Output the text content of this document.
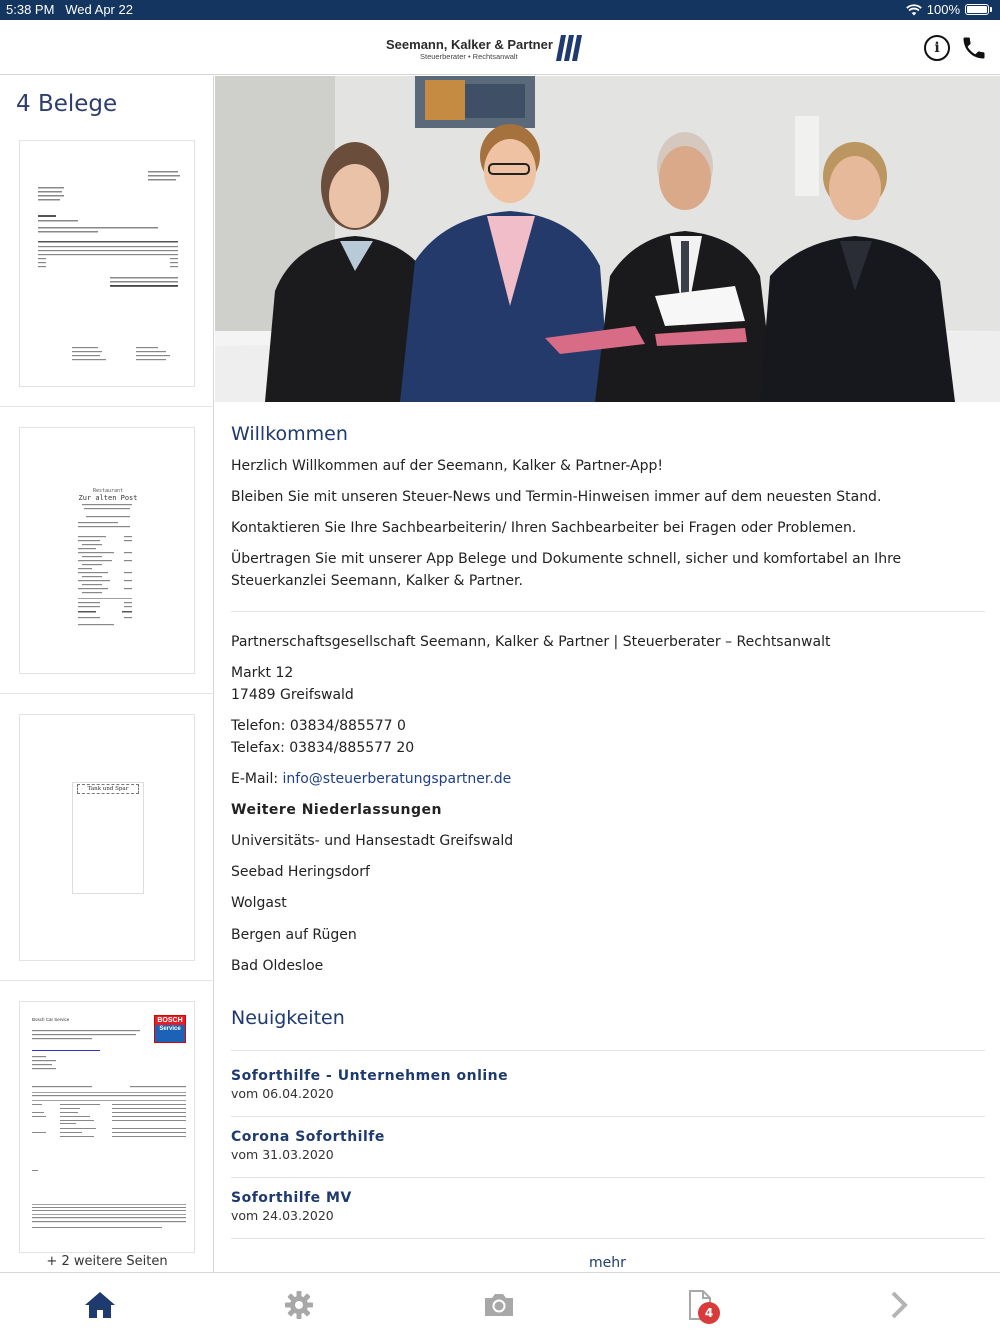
5:38 PM Wed Apr 22	100%
Seemann, Kalker & Partner
Steuerberater • Rechtsanwalt
i
4 Belege
Restaurant
Zur alten Post
Tank und Spar
Bosch Car Service	BOSCH
Service
+ 2 weitere Seiten
Willkommen
Herzlich Willkommen auf der Seemann, Kalker & Partner-App!
Bleiben Sie mit unseren Steuer-News und Termin-Hinweisen immer auf dem neuesten Stand.
Kontaktieren Sie Ihre Sachbearbeiterin/ Ihren Sachbearbeiter bei Fragen oder Problemen.
Übertragen Sie mit unserer App Belege und Dokumente schnell, sicher und komfortabel an Ihre Steuerkanzlei Seemann, Kalker & Partner.
Partnerschaftsgesellschaft Seemann, Kalker & Partner | Steuerberater – Rechtsanwalt
Markt 12
17489 Greifswald
Telefon: 03834/885577 0
Telefax: 03834/885577 20
E-Mail: info@steuerberatungspartner.de
Weitere Niederlassungen
Universitäts- und Hansestadt Greifswald
Seebad Heringsdorf
Wolgast
Bergen auf Rügen
Bad Oldesloe
Neuigkeiten
Soforthilfe - Unternehmen online
vom 06.04.2020
Corona Soforthilfe
vom 31.03.2020
Soforthilfe MV
vom 24.03.2020
mehr
4
